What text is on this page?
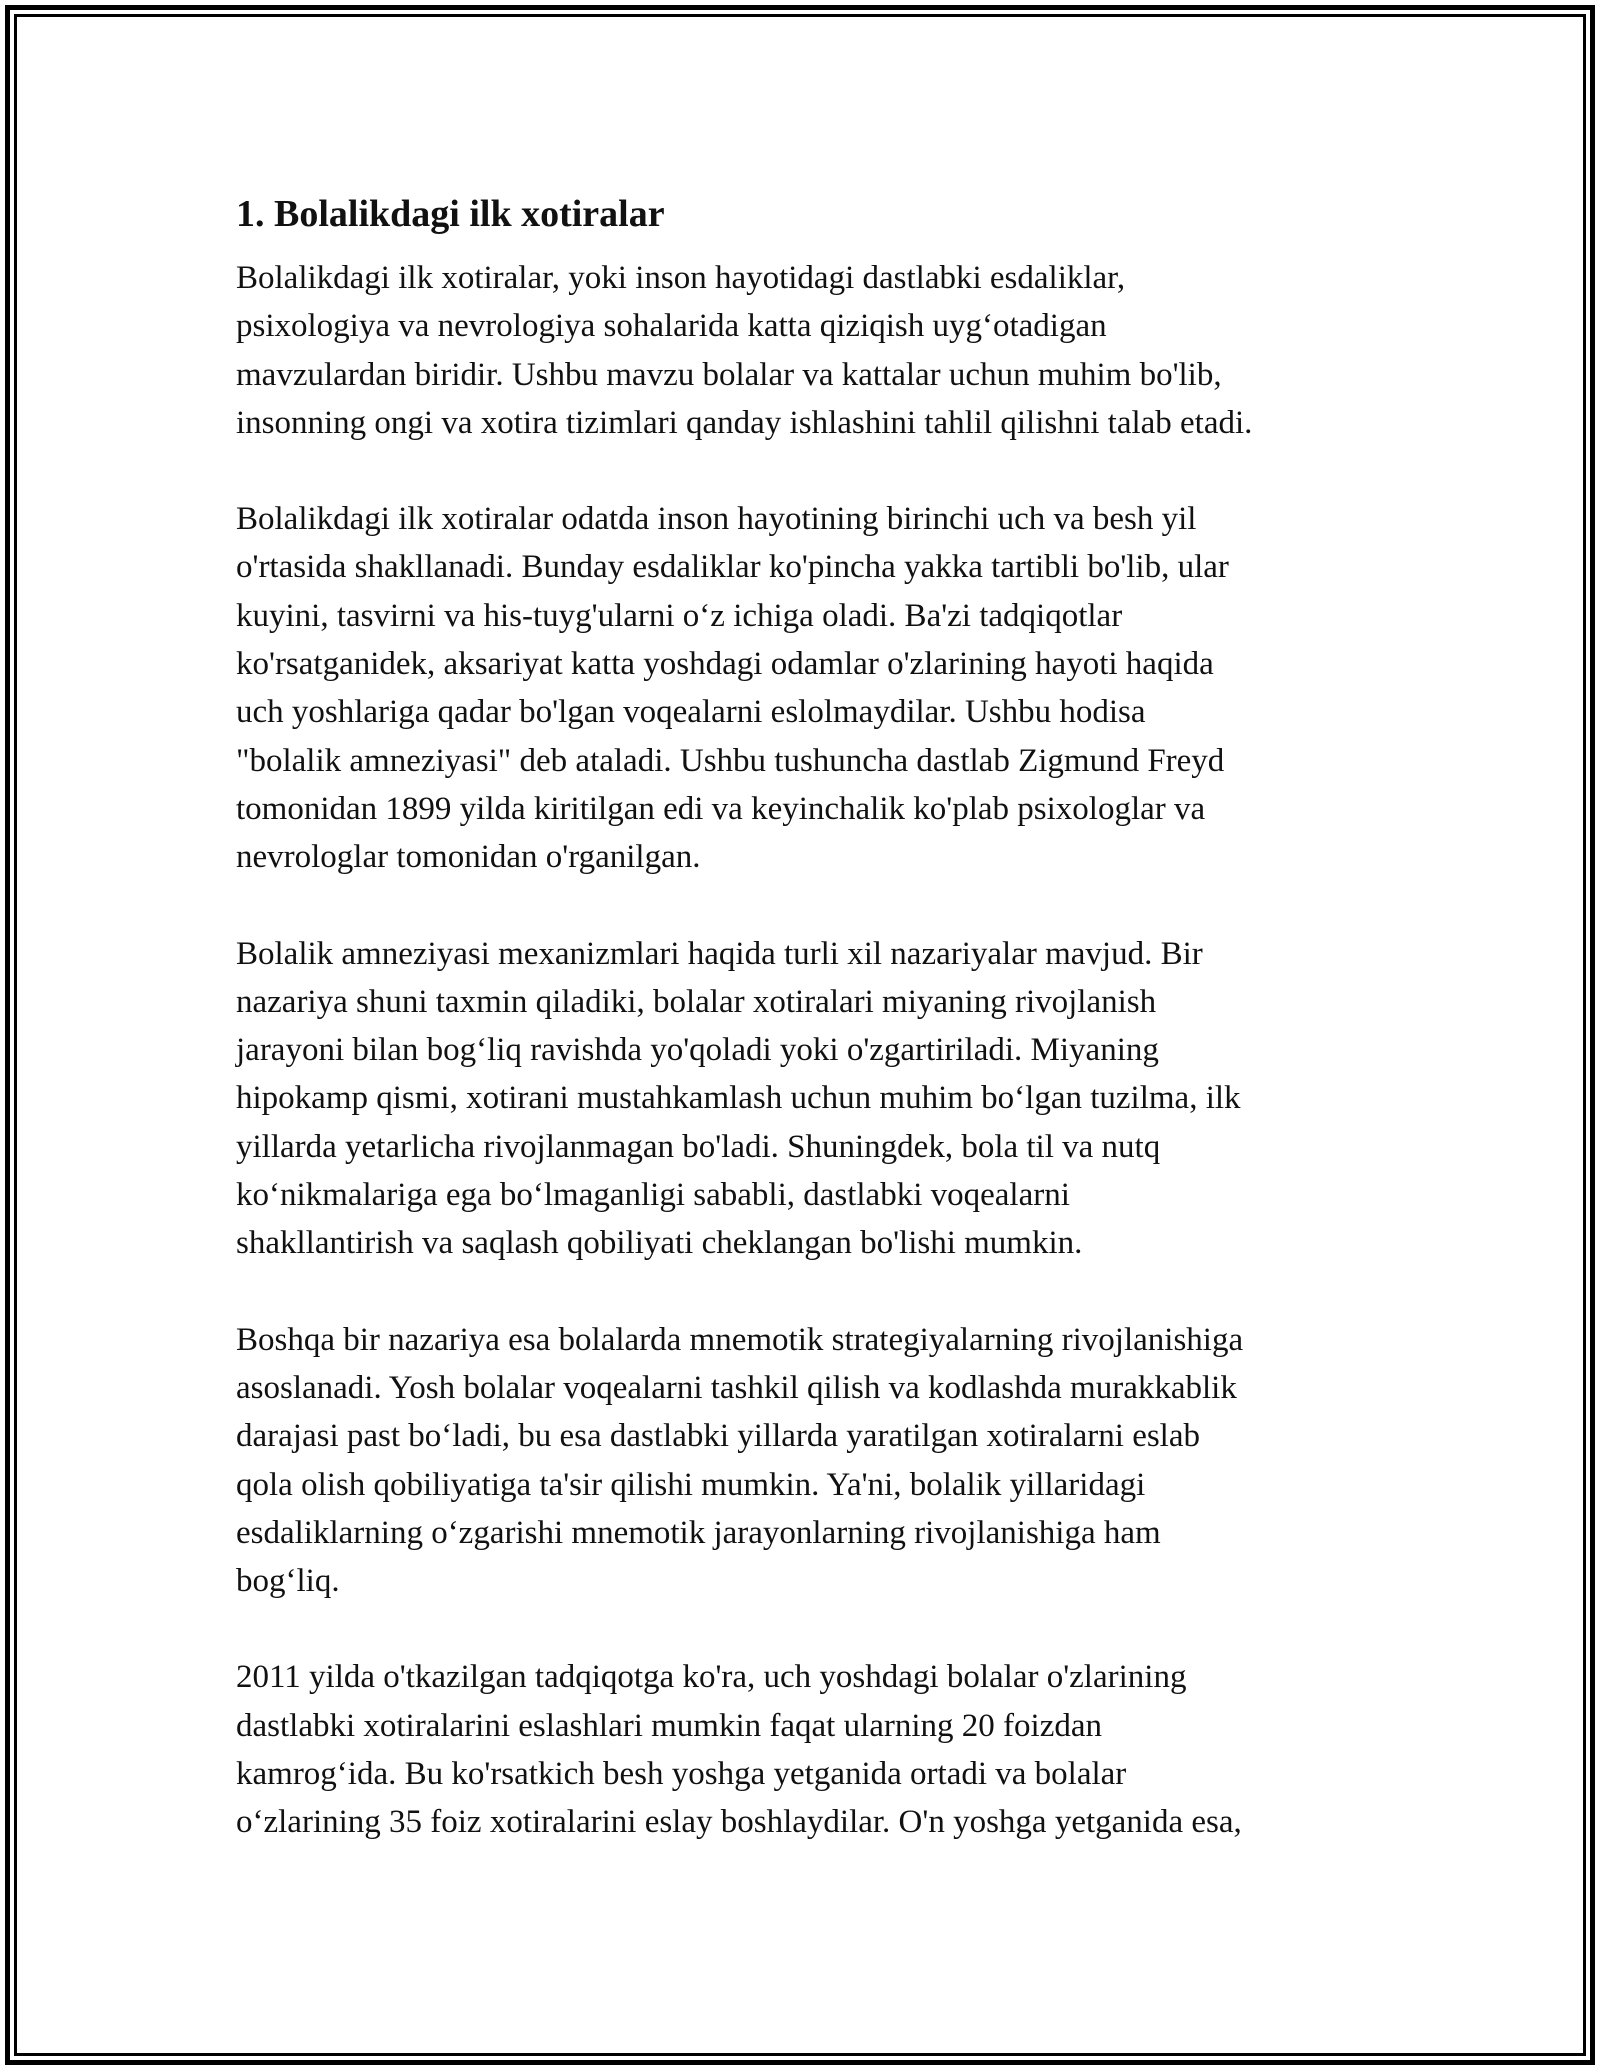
1. Bolalikdagi ilk xotiralar

Bolalikdagi ilk xotiralar, yoki inson hayotidagi dastlabki esdaliklar,
psixologiya va nevrologiya sohalarida katta qiziqish uyg‘otadigan
mavzulardan biridir. Ushbu mavzu bolalar va kattalar uchun muhim bo'lib,
insonning ongi va xotira tizimlari qanday ishlashini tahlil qilishni talab etadi.

Bolalikdagi ilk xotiralar odatda inson hayotining birinchi uch va besh yil
o'rtasida shakllanadi. Bunday esdaliklar ko'pincha yakka tartibli bo'lib, ular
kuyini, tasvirni va his-tuyg'ularni o‘z ichiga oladi. Ba'zi tadqiqotlar
ko'rsatganidek, aksariyat katta yoshdagi odamlar o'zlarining hayoti haqida
uch yoshlariga qadar bo'lgan voqealarni eslolmaydilar. Ushbu hodisa
"bolalik amneziyasi" deb ataladi. Ushbu tushuncha dastlab Zigmund Freyd
tomonidan 1899 yilda kiritilgan edi va keyinchalik ko'plab psixologlar va
nevrologlar tomonidan o'rganilgan.

Bolalik amneziyasi mexanizmlari haqida turli xil nazariyalar mavjud. Bir
nazariya shuni taxmin qiladiki, bolalar xotiralari miyaning rivojlanish
jarayoni bilan bog‘liq ravishda yo'qoladi yoki o'zgartiriladi. Miyaning
hipokamp qismi, xotirani mustahkamlash uchun muhim bo‘lgan tuzilma, ilk
yillarda yetarlicha rivojlanmagan bo'ladi. Shuningdek, bola til va nutq
ko‘nikmalariga ega bo‘lmaganligi sababli, dastlabki voqealarni
shakllantirish va saqlash qobiliyati cheklangan bo'lishi mumkin.

Boshqa bir nazariya esa bolalarda mnemotik strategiyalarning rivojlanishiga
asoslanadi. Yosh bolalar voqealarni tashkil qilish va kodlashda murakkablik
darajasi past bo‘ladi, bu esa dastlabki yillarda yaratilgan xotiralarni eslab
qola olish qobiliyatiga ta'sir qilishi mumkin. Ya'ni, bolalik yillaridagi
esdaliklarning o‘zgarishi mnemotik jarayonlarning rivojlanishiga ham
bog‘liq.

2011 yilda o'tkazilgan tadqiqotga ko'ra, uch yoshdagi bolalar o'zlarining
dastlabki xotiralarini eslashlari mumkin faqat ularning 20 foizdan
kamrog‘ida. Bu ko'rsatkich besh yoshga yetganida ortadi va bolalar
o‘zlarining 35 foiz xotiralarini eslay boshlaydilar. O'n yoshga yetganida esa,
